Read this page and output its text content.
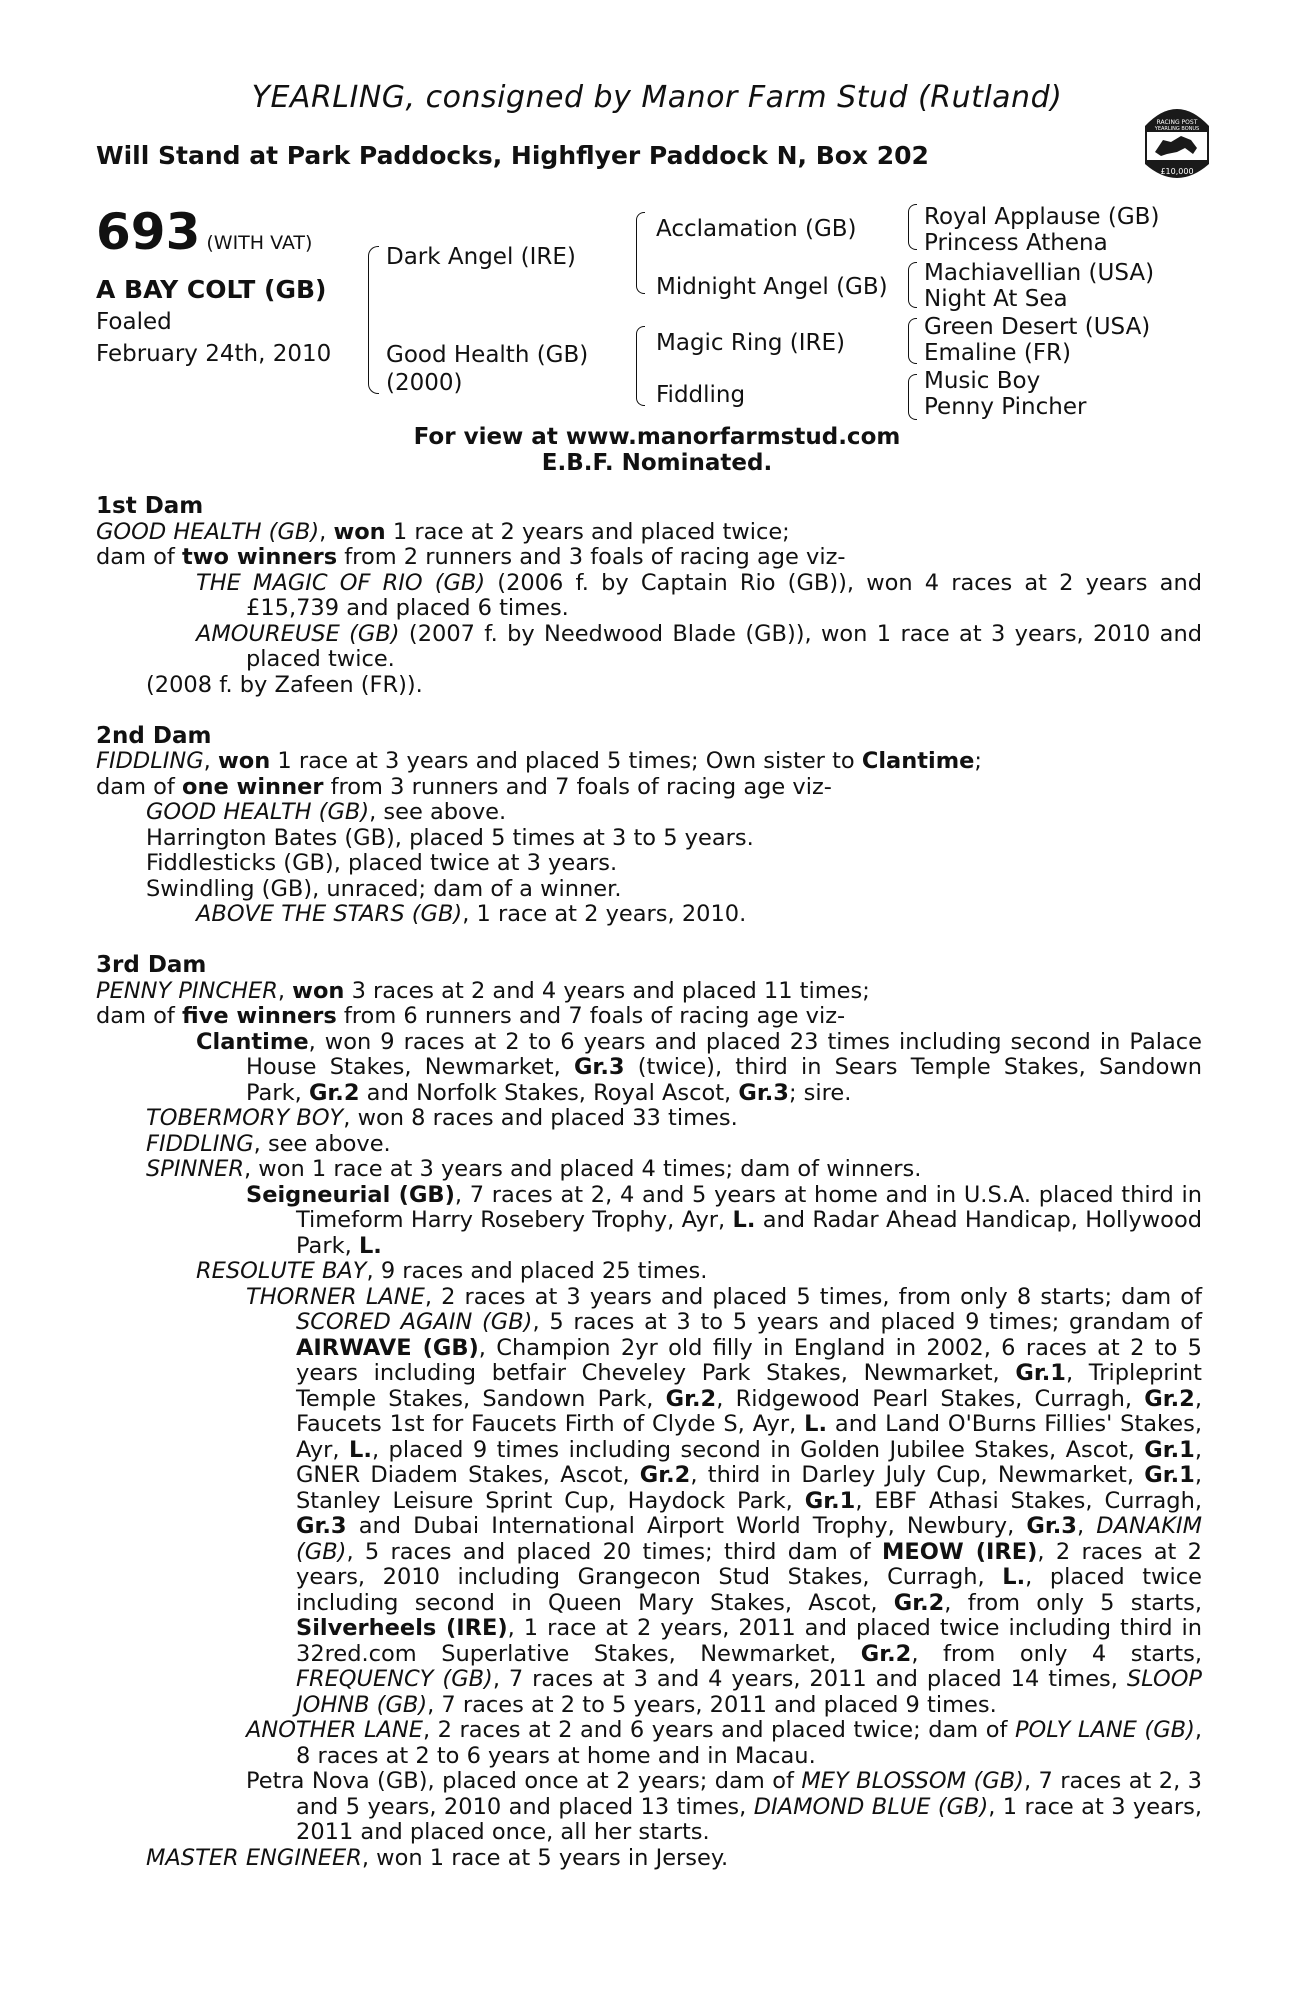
YEARLING, consigned by Manor Farm Stud (Rutland)
Will Stand at Park Paddocks, Highflyer Paddock N, Box 202
RACING POST
YEARLING BONUS
£10,000
693 (WITH VAT)
A BAY COLT (GB)
Foaled
February 24th, 2010
Dark Angel (IRE)
Good Health (GB)
(2000)
Acclamation (GB)
Midnight Angel (GB)
Magic Ring (IRE)
Fiddling
Royal Applause (GB)
Princess Athena
Machiavellian (USA)
Night At Sea
Green Desert (USA)
Emaline (FR)
Music Boy
Penny Pincher
For view at www.manorfarmstud.com
E.B.F. Nominated.
1st Dam
GOOD HEALTH (GB), won 1 race at 2 years and placed twice;
dam of two winners from 2 runners and 3 foals of racing age viz-
THE MAGIC OF RIO (GB) (2006 f. by Captain Rio (GB)), won 4 races at 2 years and £15,739 and placed 6 times.
AMOUREUSE (GB) (2007 f. by Needwood Blade (GB)), won 1 race at 3 years, 2010 and placed twice.
(2008 f. by Zafeen (FR)).
2nd Dam
FIDDLING, won 1 race at 3 years and placed 5 times; Own sister to Clantime;
dam of one winner from 3 runners and 7 foals of racing age viz-
GOOD HEALTH (GB), see above.
Harrington Bates (GB), placed 5 times at 3 to 5 years.
Fiddlesticks (GB), placed twice at 3 years.
Swindling (GB), unraced; dam of a winner.
ABOVE THE STARS (GB), 1 race at 2 years, 2010.
3rd Dam
PENNY PINCHER, won 3 races at 2 and 4 years and placed 11 times;
dam of five winners from 6 runners and 7 foals of racing age viz-
Clantime, won 9 races at 2 to 6 years and placed 23 times including second in Palace House Stakes, Newmarket, Gr.3 (twice), third in Sears Temple Stakes, Sandown Park, Gr.2 and Norfolk Stakes, Royal Ascot, Gr.3; sire.
TOBERMORY BOY, won 8 races and placed 33 times.
FIDDLING, see above.
SPINNER, won 1 race at 3 years and placed 4 times; dam of winners.
Seigneurial (GB), 7 races at 2, 4 and 5 years at home and in U.S.A. placed third in Timeform Harry Rosebery Trophy, Ayr, L. and Radar Ahead Handicap, Hollywood Park, L.
RESOLUTE BAY, 9 races and placed 25 times.
THORNER LANE, 2 races at 3 years and placed 5 times, from only 8 starts; dam of SCORED AGAIN (GB), 5 races at 3 to 5 years and placed 9 times; grandam of AIRWAVE (GB), Champion 2yr old filly in England in 2002, 6 races at 2 to 5 years including betfair Cheveley Park Stakes, Newmarket, Gr.1, Tripleprint Temple Stakes, Sandown Park, Gr.2, Ridgewood Pearl Stakes, Curragh, Gr.2, Faucets 1st for Faucets Firth of Clyde S, Ayr, L. and Land O'Burns Fillies' Stakes, Ayr, L., placed 9 times including second in Golden Jubilee Stakes, Ascot, Gr.1, GNER Diadem Stakes, Ascot, Gr.2, third in Darley July Cup, Newmarket, Gr.1, Stanley Leisure Sprint Cup, Haydock Park, Gr.1, EBF Athasi Stakes, Curragh, Gr.3 and Dubai International Airport World Trophy, Newbury, Gr.3, DANAKIM (GB), 5 races and placed 20 times; third dam of MEOW (IRE), 2 races at 2 years, 2010 including Grangecon Stud Stakes, Curragh, L., placed twice including second in Queen Mary Stakes, Ascot, Gr.2, from only 5 starts, Silverheels (IRE), 1 race at 2 years, 2011 and placed twice including third in 32red.com Superlative Stakes, Newmarket, Gr.2, from only 4 starts, FREQUENCY (GB), 7 races at 3 and 4 years, 2011 and placed 14 times, SLOOP JOHNB (GB), 7 races at 2 to 5 years, 2011 and placed 9 times.
ANOTHER LANE, 2 races at 2 and 6 years and placed twice; dam of POLY LANE (GB), 8 races at 2 to 6 years at home and in Macau.
Petra Nova (GB), placed once at 2 years; dam of MEY BLOSSOM (GB), 7 races at 2, 3 and 5 years, 2010 and placed 13 times, DIAMOND BLUE (GB), 1 race at 3 years, 2011 and placed once, all her starts.
MASTER ENGINEER, won 1 race at 5 years in Jersey.
